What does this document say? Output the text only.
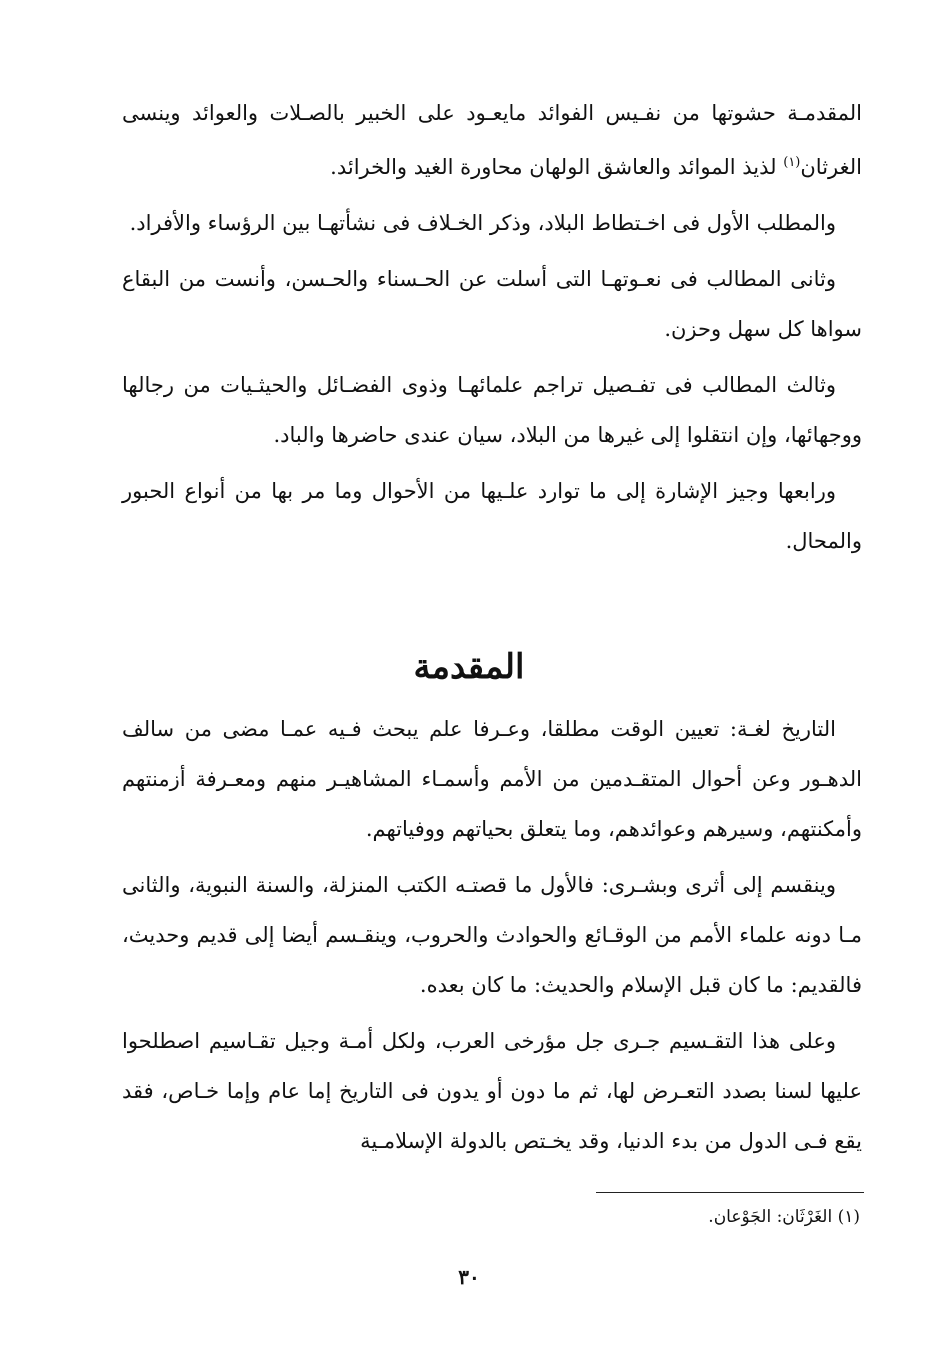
المقدمـة حشوتها من نفـيس الفوائد مايعـود على الخبير بالصـلات والعوائد وينسى الغرثان$^{(١)}$ لذيذ الموائد والعاشق الولهان محاورة الغيد والخرائد.

والمطلب الأول فى اخـتطاط البلاد، وذكر الخـلاف فى نشأتهـا بين الرؤساء والأفراد.

وثانى المطالب فى نعـوتهـا التى أسلت عن الحـسناء والحـسن، وأنست من البقاع سواها كل سهل وحزن.

وثالث المطالب فى تفـصيل تراجم علمائهـا وذوى الفضـائل والحيثـيات من رجالها ووجهائها، وإن انتقلوا إلى غيرها من البلاد، سيان عندى حاضرها والباد.

ورابعها وجيز الإشارة إلى ما توارد علـيها من الأحوال وما مر بها من أنواع الحبور والمحال.

المقدمة

التاريخ لغـة: تعيين الوقت مطلقا، وعـرفا علم يبحث فـيه عمـا مضى من سالف الدهـور وعن أحوال المتقـدمين من الأمم وأسمـاء المشاهيـر منهم ومعـرفة أزمنتهم وأمكنتهم، وسيرهم وعوائدهم، وما يتعلق بحياتهم ووفياتهم.

وينقسم إلى أثرى وبشـرى: فالأول ما قصتـه الكتب المنزلة، والسنة النبوية، والثانى مـا دونه علماء الأمم من الوقـائع والحوادث والحروب، وينقـسم أيضا إلى قديم وحديث، فالقديم: ما كان قبل الإسلام والحديث: ما كان بعده.

وعلى هذا التقـسيم جـرى جل مؤرخى العرب، ولكل أمـة وجيل تقـاسيم اصطلحوا عليها لسنا بصدد التعـرض لها، ثم ما دون أو يدون فى التاريخ إما عام وإما خـاص، فقد يقع فـى الدول من بدء الدنيا، وقد يخـتص بالدولة الإسلامـية

(١) الغَرْثَان: الجَوْعان.

٣٠
